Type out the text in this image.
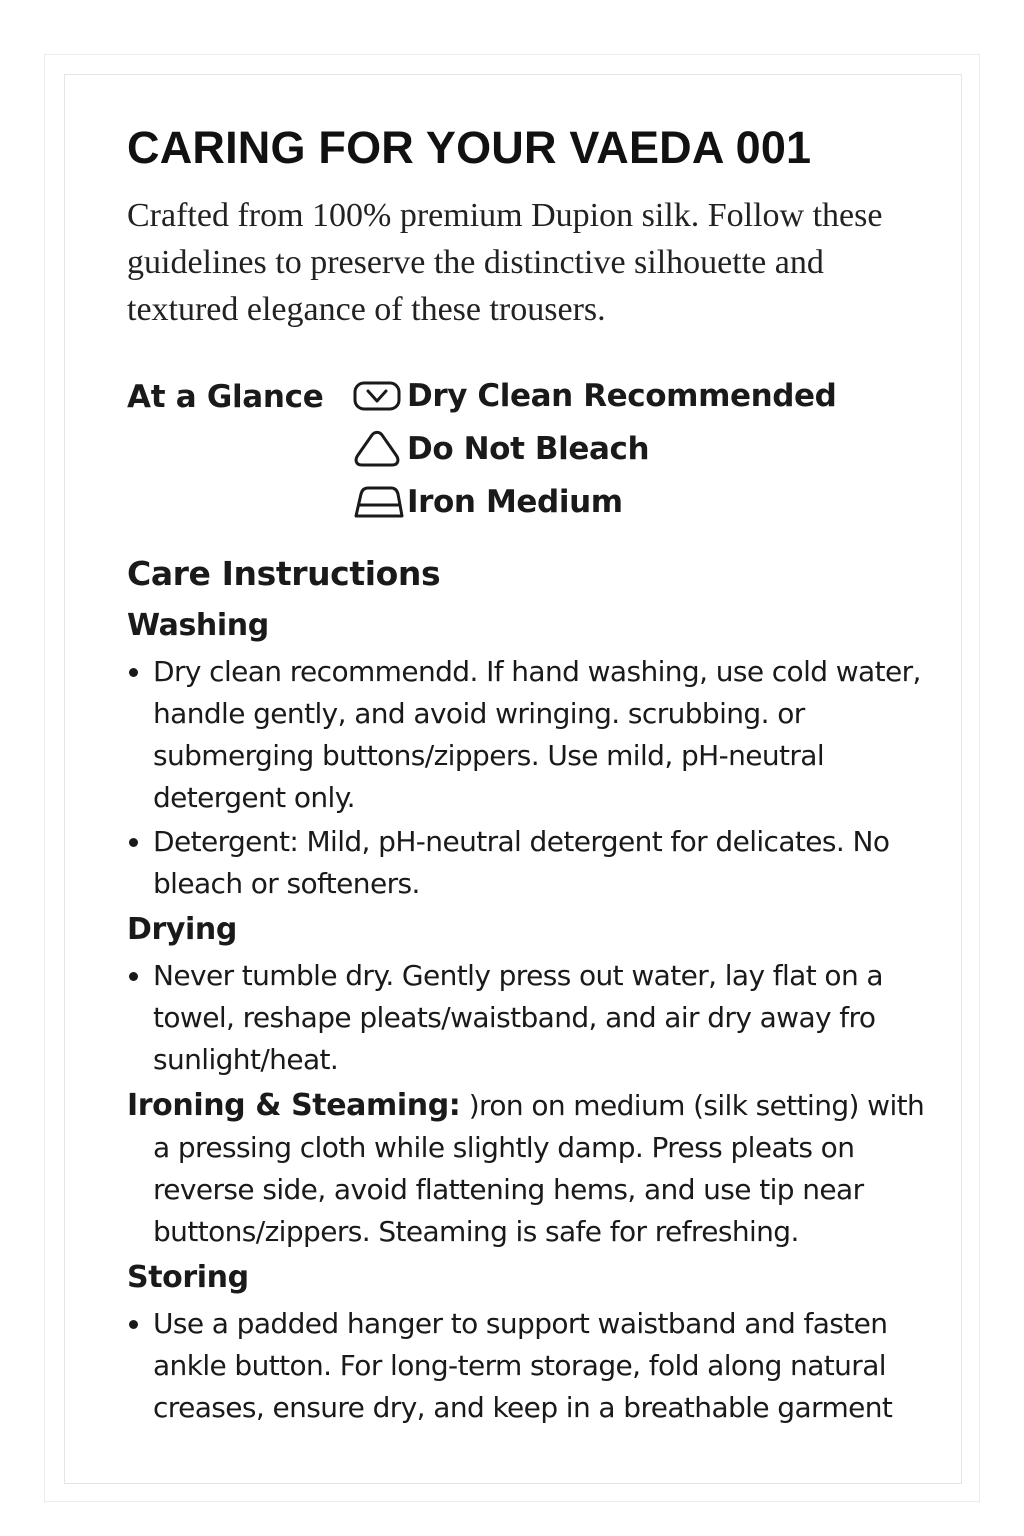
CARING FOR YOUR VAEDA 001

Crafted from 100% premium Dupion silk. Follow these guidelines to preserve the distinctive silhouette and textured elegance of these trousers.

At a Glance	Dry Clean Recommended
Do Not Bleach
Iron Medium
Care Instructions
Washing
Dry clean recommendd. If hand washing, use cold water, handle gently, and avoid wringing. scrubbing. or submerging buttons/zippers. Use mild, pH-neutral detergent only.
Detergent: Mild, pH-neutral detergent for delicates. No bleach or softeners.
Drying
Never tumble dry. Gently press out water, lay flat on a towel, reshape pleats/waistband, and air dry away fro sunlight/heat.
Ironing & Steaming: )ron on medium (silk setting) with a pressing cloth while slightly damp. Press pleats on reverse side, avoid flattening hems, and use tip near buttons/zippers. Steaming is safe for refreshing.
Storing
Use a padded hanger to support waistband and fasten ankle button. For long-term storage, fold along natural creases, ensure dry, and keep in a breathable garment
